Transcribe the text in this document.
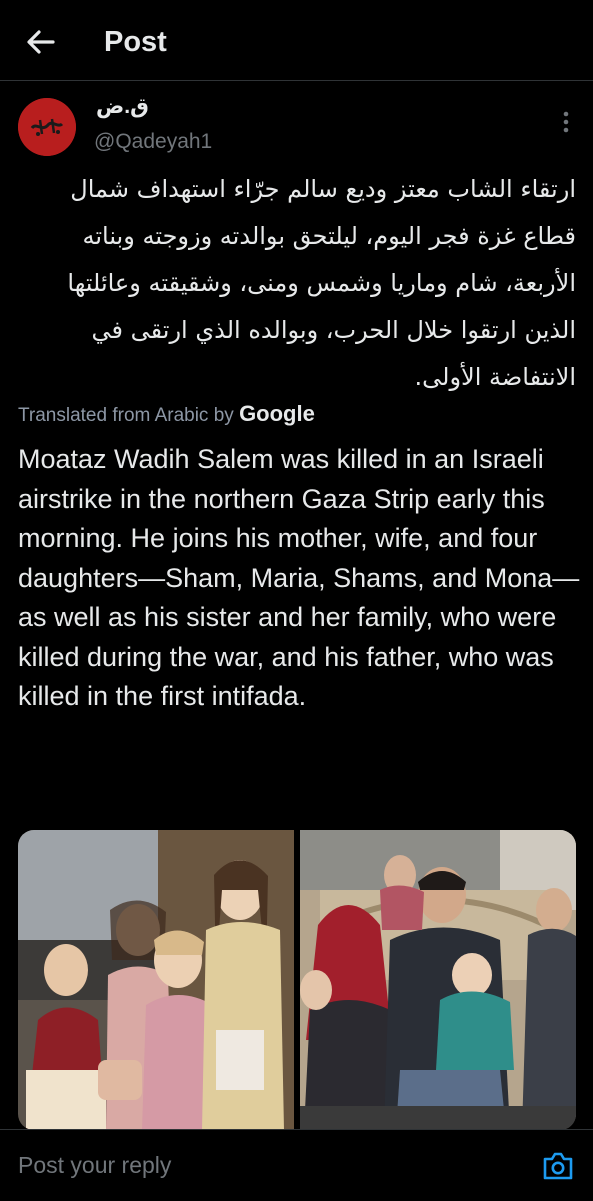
Post
ق.ض
@Qadeyah1
ارتقاء الشاب معتز وديع سالم جرّاء استهداف شمال قطاع غزة فجر اليوم، ليلتحق بوالدته وزوجته وبناته الأربعة، شام وماريا وشمس ومنى، وشقيقته وعائلتها الذين ارتقوا خلال الحرب، وبوالده الذي ارتقى في الانتفاضة الأولى.
Translated from Arabic by Google
Moataz Wadih Salem was killed in an Israeli airstrike in the northern Gaza Strip early this morning. He joins his mother, wife, and four daughters—Sham, Maria, Shams, and Mona—as well as his sister and her family, who were killed during the war, and his father, who was killed in the first intifada.
Post your reply
